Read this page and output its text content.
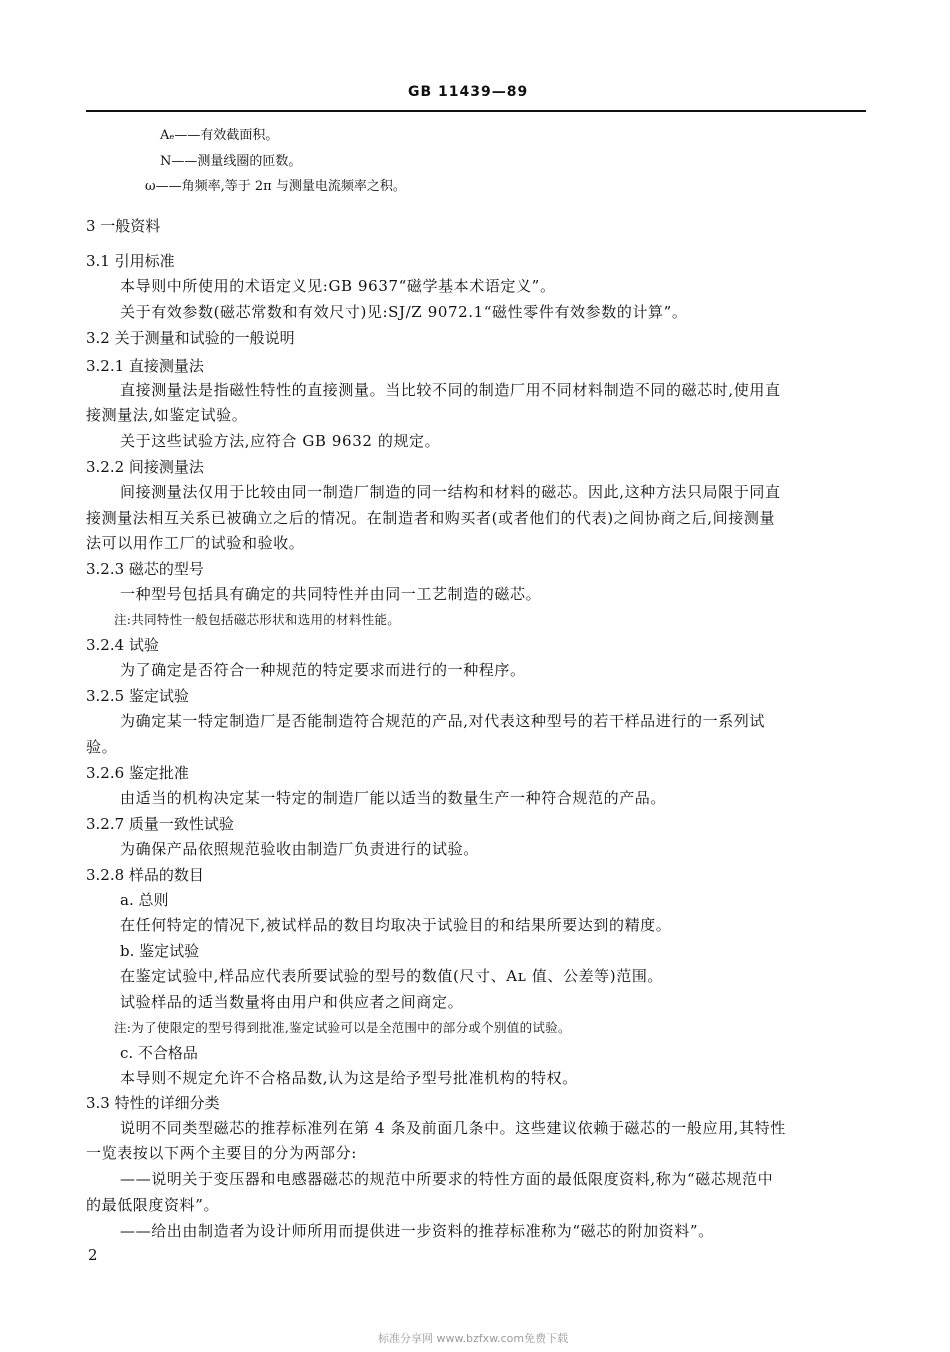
GB 11439—89
Aₑ——有效截面积。
N——测量线圈的匝数。
ω——角频率,等于 2π 与测量电流频率之积。
3 一般资料
3.1 引用标准
本导则中所使用的术语定义见:GB 9637“磁学基本术语定义”。
关于有效参数(磁芯常数和有效尺寸)见:SJ/Z 9072.1“磁性零件有效参数的计算”。
3.2 关于测量和试验的一般说明
3.2.1 直接测量法
直接测量法是指磁性特性的直接测量。当比较不同的制造厂用不同材料制造不同的磁芯时,使用直
接测量法,如鉴定试验。
关于这些试验方法,应符合 GB 9632 的规定。
3.2.2 间接测量法
间接测量法仅用于比较由同一制造厂制造的同一结构和材料的磁芯。因此,这种方法只局限于同直
接测量法相互关系已被确立之后的情况。在制造者和购买者(或者他们的代表)之间协商之后,间接测量
法可以用作工厂的试验和验收。
3.2.3 磁芯的型号
一种型号包括具有确定的共同特性并由同一工艺制造的磁芯。
注:共同特性一般包括磁芯形状和选用的材料性能。
3.2.4 试验
为了确定是否符合一种规范的特定要求而进行的一种程序。
3.2.5 鉴定试验
为确定某一特定制造厂是否能制造符合规范的产品,对代表这种型号的若干样品进行的一系列试
验。
3.2.6 鉴定批准
由适当的机构决定某一特定的制造厂能以适当的数量生产一种符合规范的产品。
3.2.7 质量一致性试验
为确保产品依照规范验收由制造厂负责进行的试验。
3.2.8 样品的数目
a. 总则
在任何特定的情况下,被试样品的数目均取决于试验目的和结果所要达到的精度。
b. 鉴定试验
在鉴定试验中,样品应代表所要试验的型号的数值(尺寸、Aʟ 值、公差等)范围。
试验样品的适当数量将由用户和供应者之间商定。
注:为了使限定的型号得到批准,鉴定试验可以是全范围中的部分或个别值的试验。
c. 不合格品
本导则不规定允许不合格品数,认为这是给予型号批准机构的特权。
3.3 特性的详细分类
说明不同类型磁芯的推荐标准列在第 4 条及前面几条中。这些建议依赖于磁芯的一般应用,其特性
一览表按以下两个主要目的分为两部分:
——说明关于变压器和电感器磁芯的规范中所要求的特性方面的最低限度资料,称为“磁芯规范中
的最低限度资料”。
——给出由制造者为设计师所用而提供进一步资料的推荐标准称为“磁芯的附加资料”。
2
标准分享网 www.bzfxw.com免费下载
